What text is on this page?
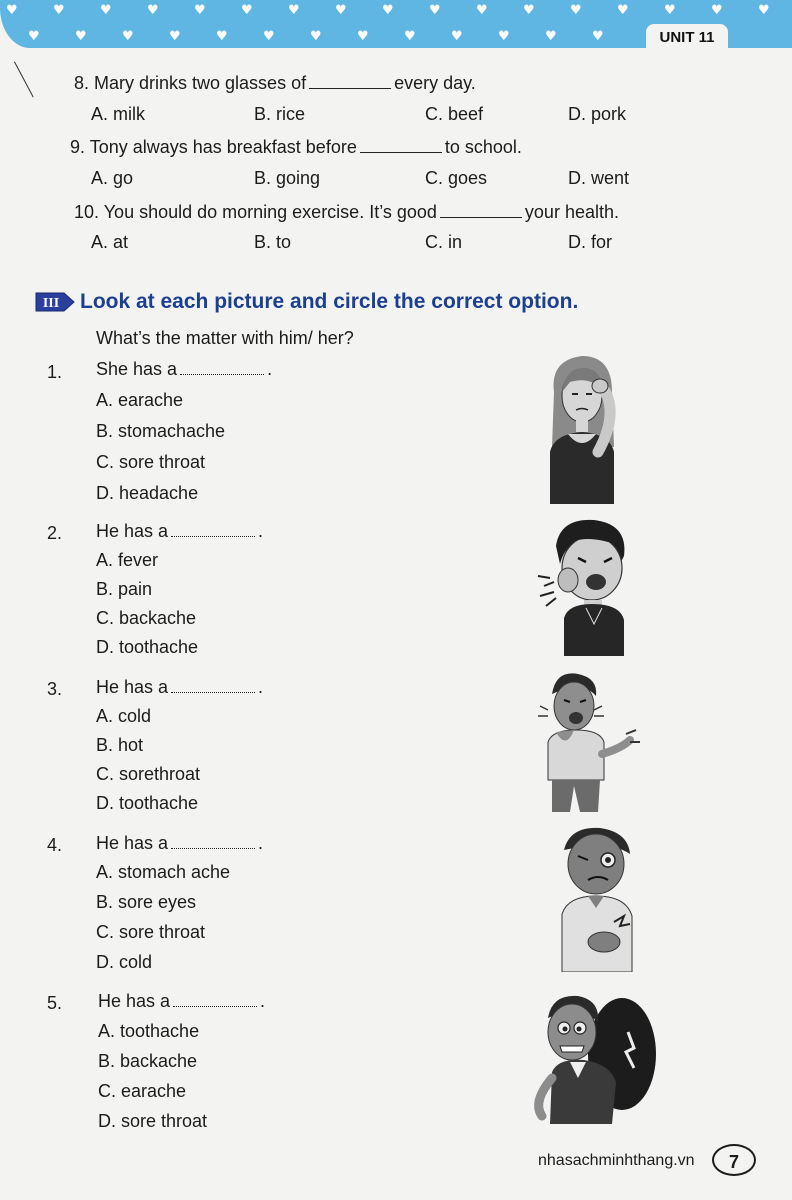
♥	♥	♥	♥	♥	♥	♥	♥	♥	♥	♥	♥	♥	♥	♥	♥	♥
♥	♥	♥	♥	♥	♥	♥	♥	♥	♥	♥	♥	♥	UNIT 11
8. Mary drinks two glasses of	every day.
A. milk	B. rice	C. beef	D. pork
9. Tony always has breakfast before	to school.
A. go	B. going	C. goes	D. went
10. You should do morning exercise. It’s good	your health.
A. at	B. to	C. in	D. for
III Look at each picture and circle the correct option.
What’s the matter with him/ her?
1. She has a	.
A. earache
B. stomachache
C. sore throat
D. headache
2. He has a	.
A. fever
B. pain
C. backache
D. toothache
3. He has a	.
A. cold
B. hot
C. sorethroat
D. toothache
4. He has a	.
A. stomach ache
B. sore eyes
C. sore throat
D. cold
5. He has a	.
A. toothache
B. backache
C. earache
D. sore throat
nhasachminhthang.vn	7
